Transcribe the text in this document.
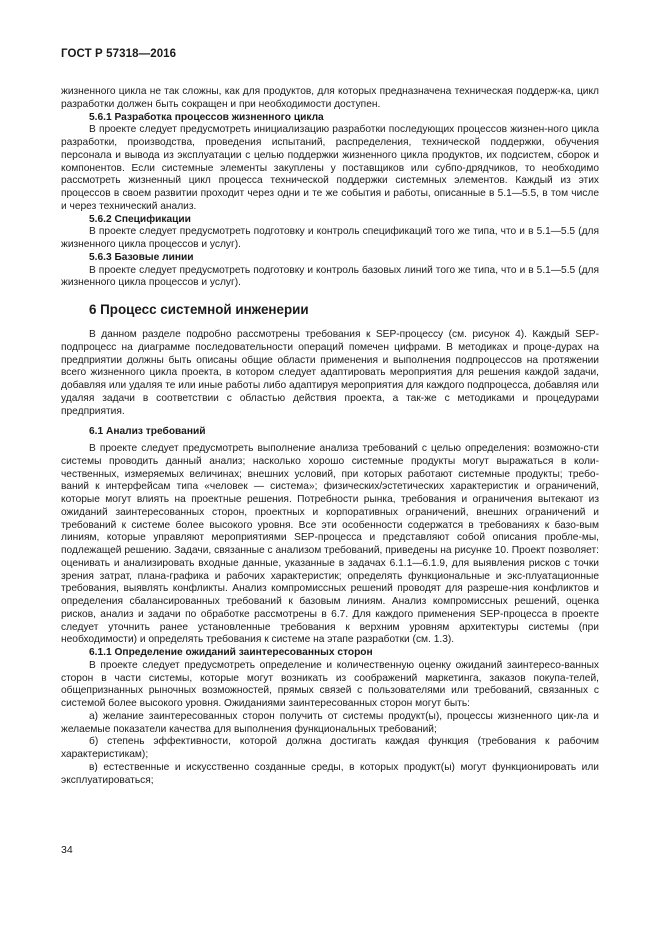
ГОСТ Р 57318—2016

жизненного цикла не так сложны, как для продуктов, для которых предназначена техническая поддерж-ка, цикл разработки должен быть сокращен и при необходимости доступен.

5.6.1 Разработка процессов жизненного цикла

В проекте следует предусмотреть инициализацию разработки последующих процессов жизнен-ного цикла разработки, производства, проведения испытаний, распределения, технической поддержки, обучения персонала и вывода из эксплуатации с целью поддержки жизненного цикла продуктов, их подсистем, сборок и компонентов. Если системные элементы закуплены у поставщиков или субпо-дрядчиков, то необходимо рассмотреть жизненный цикл процесса технической поддержки системных элементов. Каждый из этих процессов в своем развитии проходит через одни и те же события и работы, описанные в 5.1—5.5, в том числе и через технический анализ.

5.6.2 Спецификации

В проекте следует предусмотреть подготовку и контроль спецификаций того же типа, что и в 5.1—5.5 (для жизненного цикла процессов и услуг).

5.6.3 Базовые линии

В проекте следует предусмотреть подготовку и контроль базовых линий того же типа, что и в 5.1—5.5 (для жизненного цикла процессов и услуг).

6 Процесс системной инженерии

В данном разделе подробно рассмотрены требования к SEP-процессу (см. рисунок 4). Каждый SEP-подпроцесс на диаграмме последовательности операций помечен цифрами. В методиках и проце-дурах на предприятии должны быть описаны общие области применения и выполнения подпроцессов на протяжении всего жизненного цикла проекта, в котором следует адаптировать мероприятия для решения каждой задачи, добавляя или удаляя те или иные работы либо адаптируя мероприятия для каждого подпроцесса, добавляя или удаляя задачи в соответствии с областью действия проекта, а так-же с методиками и процедурами предприятия.

6.1 Анализ требований

В проекте следует предусмотреть выполнение анализа требований с целью определения: возможно-сти системы проводить данный анализ; насколько хорошо системные продукты могут выражаться в коли-чественных, измеряемых величинах; внешних условий, при которых работают системные продукты; требо-ваний к интерфейсам типа «человек — система»; физических/эстетических характеристик и ограничений, которые могут влиять на проектные решения. Потребности рынка, требования и ограничения вытекают из ожиданий заинтересованных сторон, проектных и корпоративных ограничений, внешних ограничений и требований к системе более высокого уровня. Все эти особенности содержатся в требованиях к базо-вым линиям, которые управляют мероприятиями SEP-процесса и представляют собой описания пробле-мы, подлежащей решению. Задачи, связанные с анализом требований, приведены на рисунке 10. Проект позволяет: оценивать и анализировать входные данные, указанные в задачах 6.1.1—6.1.9, для выявления рисков с точки зрения затрат, плана-графика и рабочих характеристик; определять функциональные и экс-плуатационные требования, выявлять конфликты. Анализ компромиссных решений проводят для разреше-ния конфликтов и определения сбалансированных требований к базовым линиям. Анализ компромиссных решений, оценка рисков, анализ и задачи по обработке рассмотрены в 6.7. Для каждого применения SEP-процесса в проекте следует уточнить ранее установленные требования к верхним уровням архитектуры системы (при необходимости) и определять требования к системе на этапе разработки (см. 1.3).

6.1.1 Определение ожиданий заинтересованных сторон

В проекте следует предусмотреть определение и количественную оценку ожиданий заинтересо-ванных сторон в части системы, которые могут возникать из соображений маркетинга, заказов покупа-телей, общепризнанных рыночных возможностей, прямых связей с пользователями или требований, связанных с системой более высокого уровня. Ожиданиями заинтересованных сторон могут быть:

а) желание заинтересованных сторон получить от системы продукт(ы), процессы жизненного цик-ла и желаемые показатели качества для выполнения функциональных требований;

б) степень эффективности, которой должна достигать каждая функция (требования к рабочим характеристикам);

в) естественные и искусственно созданные среды, в которых продукт(ы) могут функционировать или эксплуатироваться;

34
